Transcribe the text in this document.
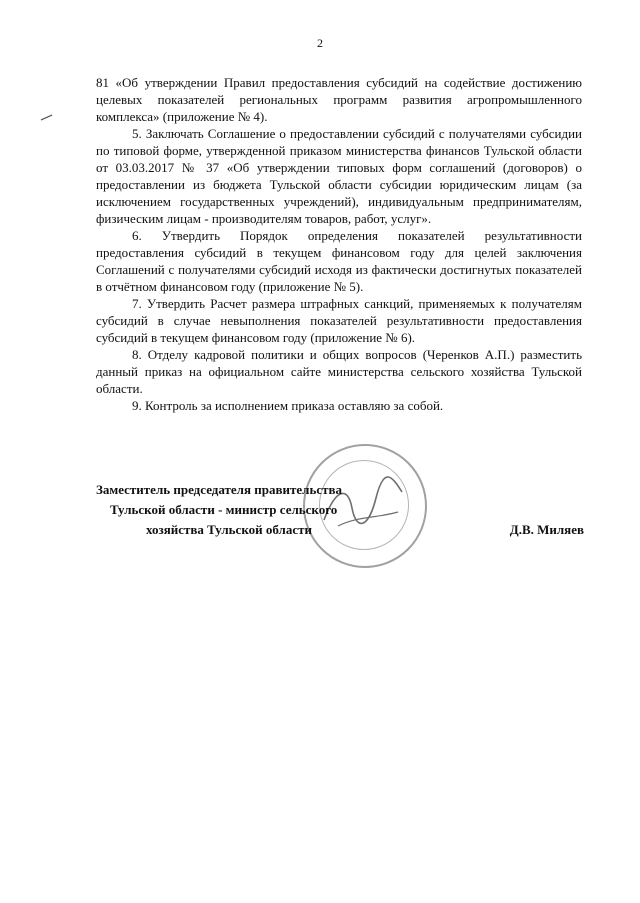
2

81 «Об утверждении Правил предоставления субсидий на содействие достижению целевых показателей региональных программ развития агропромышленного комплекса» (приложение № 4).

5. Заключать Соглашение о предоставлении субсидий с получателями субсидии по типовой форме, утвержденной приказом министерства финансов Тульской области от 03.03.2017 № 37 «Об утверждении типовых форм соглашений (договоров) о предоставлении из бюджета Тульской области субсидии юридическим лицам (за исключением государственных учреждений), индивидуальным предпринимателям, физическим лицам - производителям товаров, работ, услуг».

6. Утвердить Порядок определения показателей результативности предоставления субсидий в текущем финансовом году для целей заключения Соглашений с получателями субсидий исходя из фактически достигнутых показателей в отчётном финансовом году (приложение № 5).

7. Утвердить Расчет размера штрафных санкций, применяемых к получателям субсидий в случае невыполнения показателей результативности предоставления субсидий в текущем финансовом году (приложение № 6).

8. Отделу кадровой политики и общих вопросов (Черенков А.П.) разместить данный приказ на официальном сайте министерства сельского хозяйства Тульской области.

9. Контроль за исполнением приказа оставляю за собой.

Заместитель председателя правительства
Тульской области - министр сельского
хозяйства Тульской области	Д.В. Миляев
